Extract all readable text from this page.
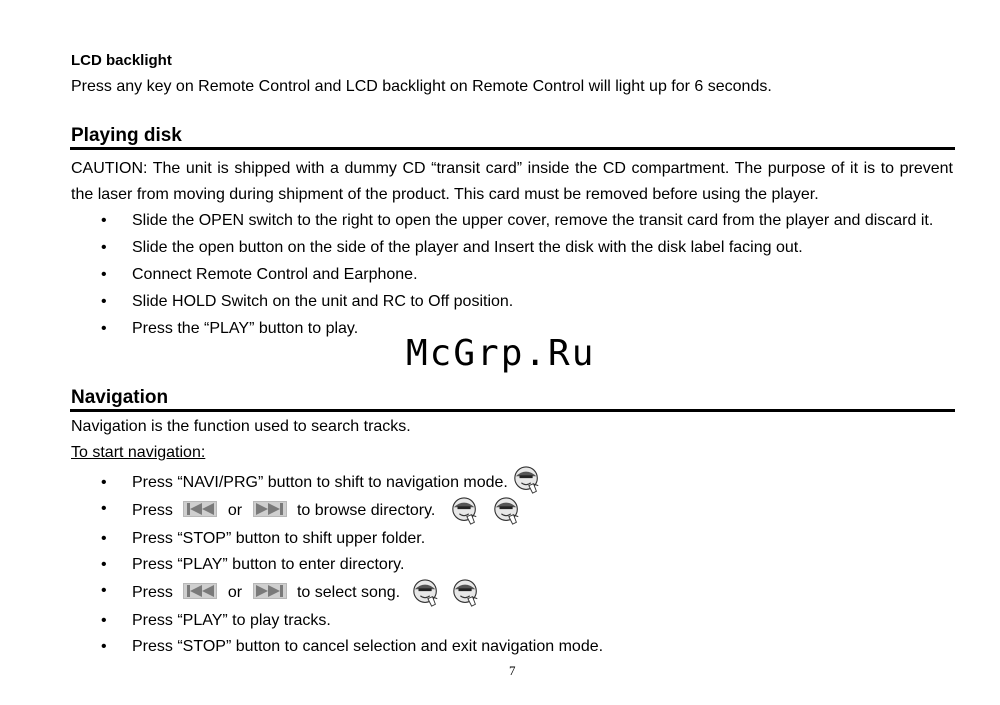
LCD backlight
Press any key on Remote Control and LCD backlight on Remote Control will light up for 6 seconds.
Playing disk
CAUTION: The unit is shipped with a dummy CD “transit card” inside the CD compartment. The purpose of it is to prevent the laser from moving during shipment of the product. This card must be removed before using the player.
• Slide the OPEN switch to the right to open the upper cover, remove the transit card from the player and discard it.
• Slide the open button on the side of the player and Insert the disk with the disk label facing out.
• Connect Remote Control and Earphone.
• Slide HOLD Switch on the unit and RC to Off position.
• Press the “PLAY” button to play.
McGrp.Ru
Navigation
Navigation is the function used to search tracks.
To start navigation:
• Press “NAVI/PRG” button to shift to navigation mode.
• Press	or	to browse directory.
• Press “STOP” button to shift upper folder.
• Press “PLAY” button to enter directory.
• Press	or	to select song.
• Press “PLAY” to play tracks.
• Press “STOP” button to cancel selection and exit navigation mode.
7
